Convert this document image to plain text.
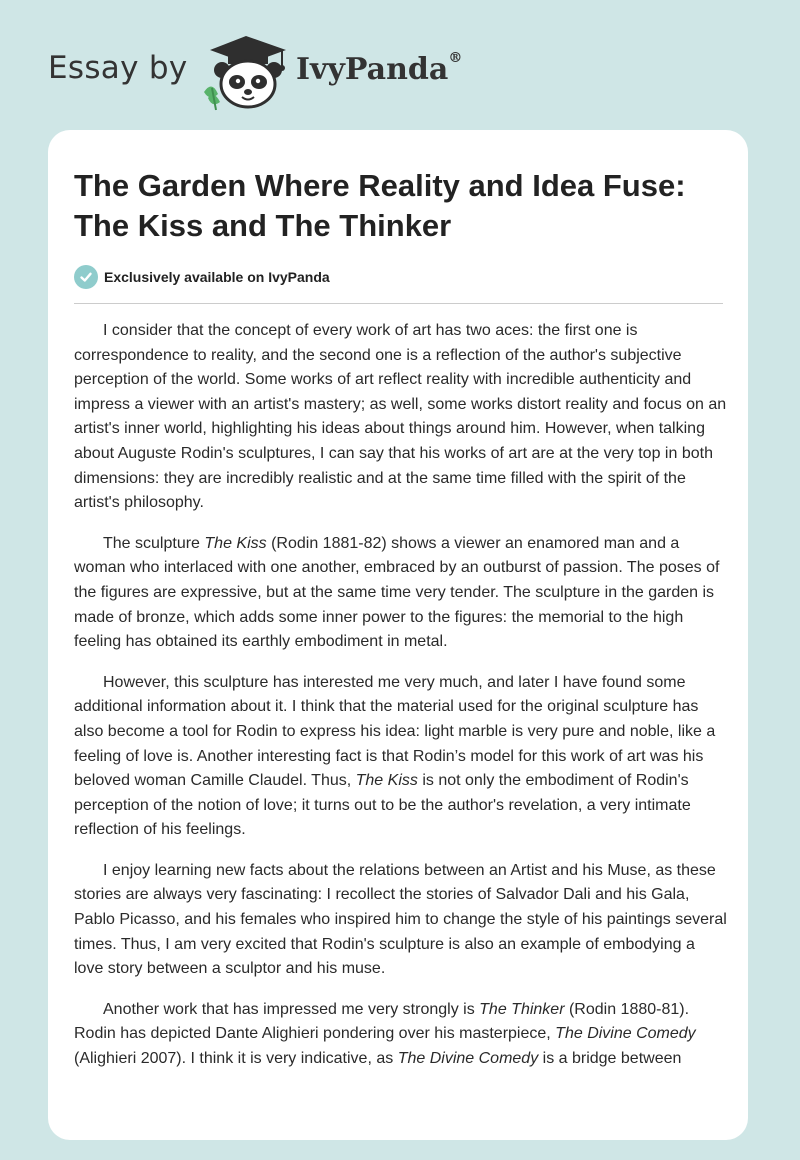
Essay by	IvyPanda®
The Garden Where Reality and Idea Fuse: The Kiss and The Thinker
Exclusively available on IvyPanda

I consider that the concept of every work of art has two aces: the first one is correspondence to reality, and the second one is a reflection of the author's subjective perception of the world. Some works of art reflect reality with incredible authenticity and impress a viewer with an artist's mastery; as well, some works distort reality and focus on an artist's inner world, highlighting his ideas about things around him. However, when talking about Auguste Rodin's sculptures, I can say that his works of art are at the very top in both dimensions: they are incredibly realistic and at the same time filled with the spirit of the artist's philosophy.

The sculpture The Kiss (Rodin 1881-82) shows a viewer an enamored man and a woman who interlaced with one another, embraced by an outburst of passion. The poses of the figures are expressive, but at the same time very tender. The sculpture in the garden is made of bronze, which adds some inner power to the figures: the memorial to the high feeling has obtained its earthly embodiment in metal.

However, this sculpture has interested me very much, and later I have found some additional information about it. I think that the material used for the original sculpture has also become a tool for Rodin to express his idea: light marble is very pure and noble, like a feeling of love is. Another interesting fact is that Rodin’s model for this work of art was his beloved woman Camille Claudel. Thus, The Kiss is not only the embodiment of Rodin's perception of the notion of love; it turns out to be the author's revelation, a very intimate reflection of his feelings.

I enjoy learning new facts about the relations between an Artist and his Muse, as these stories are always very fascinating: I recollect the stories of Salvador Dali and his Gala, Pablo Picasso, and his females who inspired him to change the style of his paintings several times. Thus, I am very excited that Rodin's sculpture is also an example of embodying a love story between a sculptor and his muse.

Another work that has impressed me very strongly is The Thinker (Rodin 1880-81). Rodin has depicted Dante Alighieri pondering over his masterpiece, The Divine Comedy (Alighieri 2007). I think it is very indicative, as The Divine Comedy is a bridge between
